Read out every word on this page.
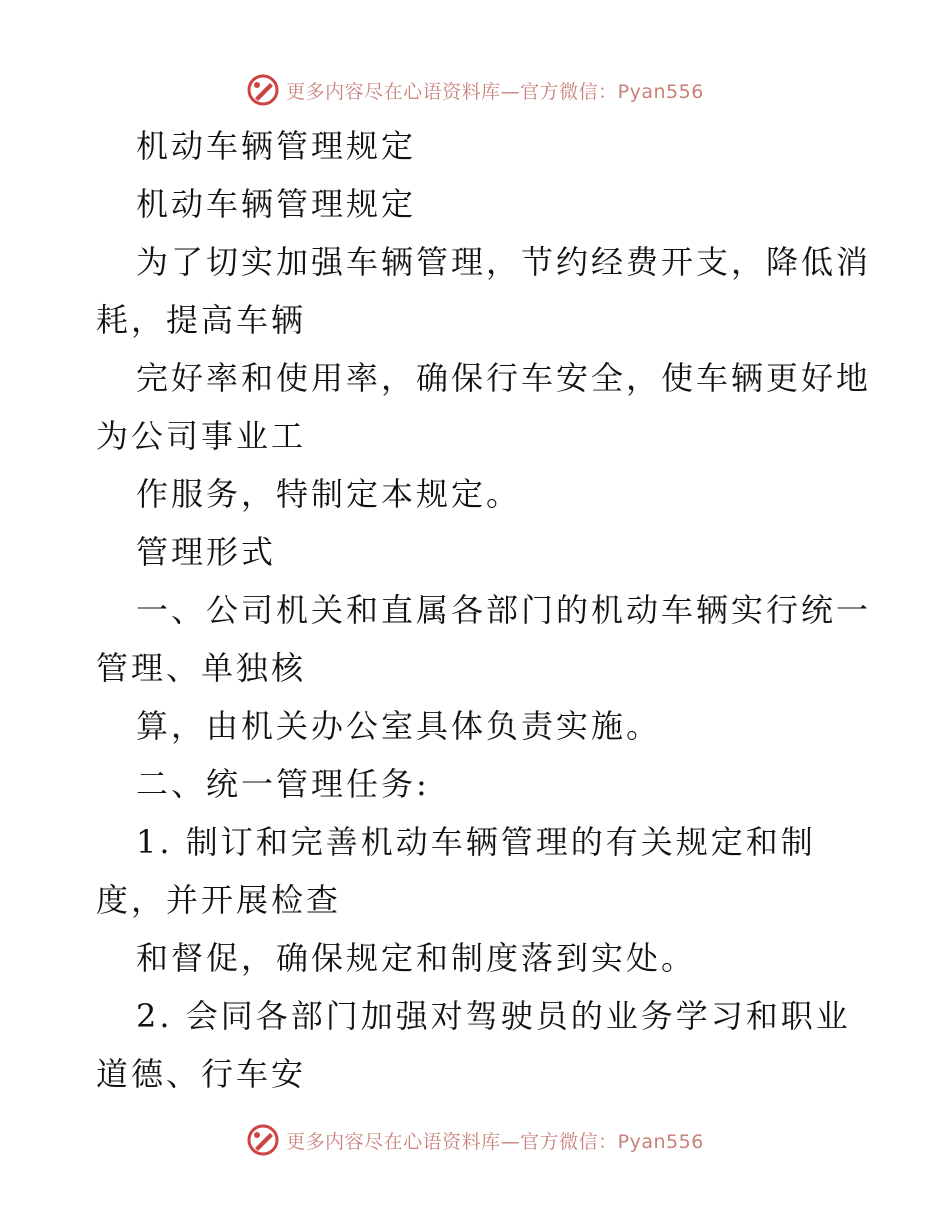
更多内容尽在心语资料库—官方微信：Pyan556
机动车辆管理规定
机动车辆管理规定
为了切实加强车辆管理，节约经费开支，降低消
耗，提高车辆
完好率和使用率，确保行车安全，使车辆更好地
为公司事业工
作服务，特制定本规定。
管理形式
一、公司机关和直属各部门的机动车辆实行统一
管理、单独核
算，由机关办公室具体负责实施。
二、统一管理任务:
1. 制订和完善机动车辆管理的有关规定和制
度，并开展检查
和督促，确保规定和制度落到实处。
2. 会同各部门加强对驾驶员的业务学习和职业
道德、行车安
更多内容尽在心语资料库—官方微信：Pyan556
